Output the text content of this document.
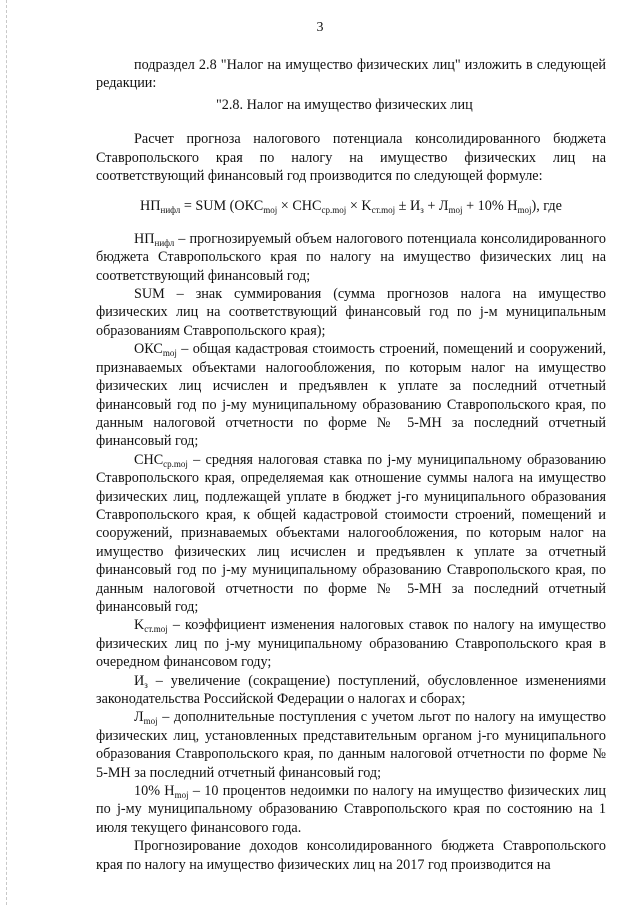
3

подраздел 2.8 "Налог на имущество физических лиц" изложить в следующей редакции:

"2.8. Налог на имущество физических лиц

Расчет прогноза налогового потенциала консолидированного бюджета Ставропольского края по налогу на имущество физических лиц на соответствующий финансовый год производится по следующей формуле:

$НП_{нифл}$ = SUM ($ОКС_{moj} \times СНС_{ср.moj} \times K_{ст.moj} \pm И_з + Л_{moj} + 10\%$ $Н_{moj}$), где

$НП_{нифл}$ – прогнозируемый объем налогового потенциала консолидированного бюджета Ставропольского края по налогу на имущество физических лиц на соответствующий финансовый год;

SUM – знак суммирования (сумма прогнозов налога на имущество физических лиц на соответствующий финансовый год по j-м муниципальным образованиям Ставропольского края);

$ОКС_{moj}$ – общая кадастровая стоимость строений, помещений и сооружений, признаваемых объектами налогообложения, по которым налог на имущество физических лиц исчислен и предъявлен к уплате за последний отчетный финансовый год по j-му муниципальному образованию Ставропольского края, по данным налоговой отчетности по форме № 5-МН за последний отчетный финансовый год;

$СНС_{ср.moj}$ – средняя налоговая ставка по j-му муниципальному образованию Ставропольского края, определяемая как отношение суммы налога на имущество физических лиц, подлежащей уплате в бюджет j-го муниципального образования Ставропольского края, к общей кадастровой стоимости строений, помещений и сооружений, признаваемых объектами налогообложения, по которым налог на имущество физических лиц исчислен и предъявлен к уплате за отчетный финансовый год по j-му муниципальному образованию Ставропольского края, по данным налоговой отчетности по форме № 5-МН за последний отчетный финансовый год;

$K_{ст.moj}$ – коэффициент изменения налоговых ставок по налогу на имущество физических лиц по j-му муниципальному образованию Ставропольского края в очередном финансовом году;

$И_з$ – увеличение (сокращение) поступлений, обусловленное изменениями законодательства Российской Федерации о налогах и сборах;

$Л_{moj}$ – дополнительные поступления с учетом льгот по налогу на имущество физических лиц, установленных представительным органом j-го муниципального образования Ставропольского края, по данным налоговой отчетности по форме № 5-МН за последний отчетный финансовый год;

10% $Н_{moj} - 10$ процентов недоимки по налогу на имущество физических лиц по j-му муниципальному образованию Ставропольского края по состоянию на 1 июля текущего финансового года.

Прогнозирование доходов консолидированного бюджета Ставропольского края по налогу на имущество физических лиц на 2017 год производится на
